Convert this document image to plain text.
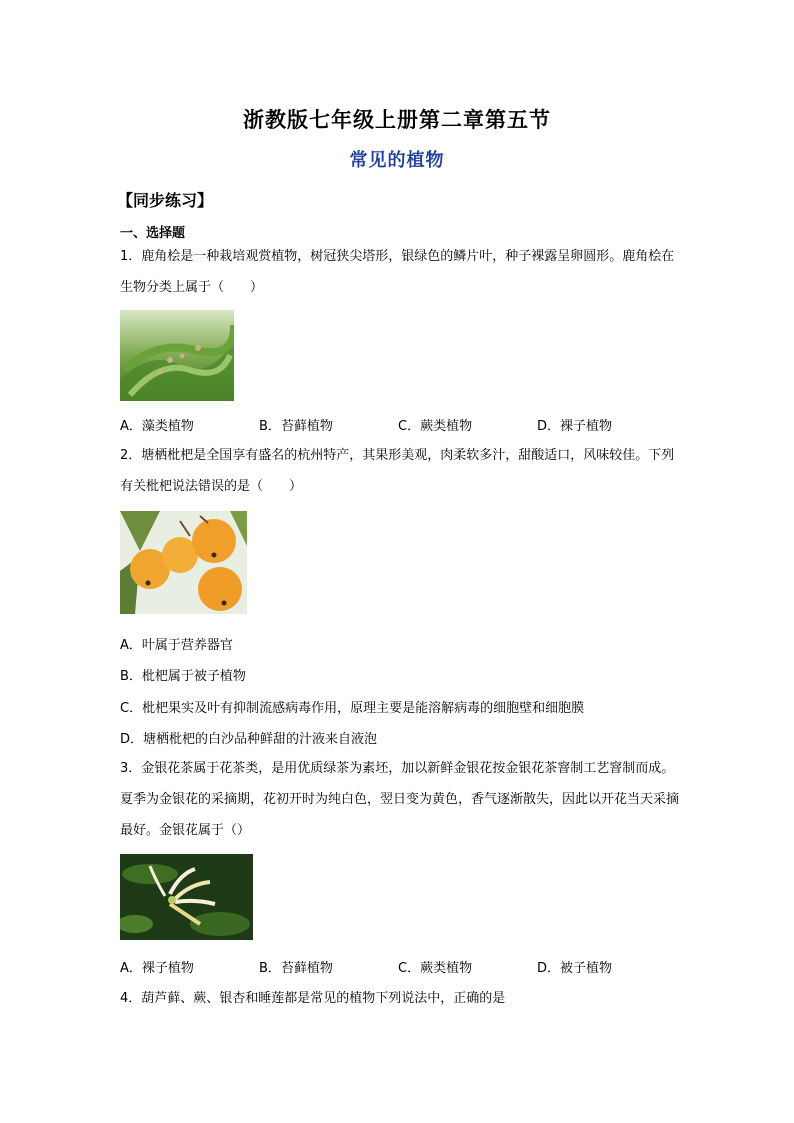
浙教版七年级上册第二章第五节
常见的植物
【同步练习】
一、选择题
1．鹿角桧是一种栽培观赏植物，树冠狭尖塔形，银绿色的鳞片叶，种子裸露呈卵圆形。鹿角桧在生物分类上属于（　　）
A．藻类植物	B．苔藓植物	C．蕨类植物	D．裸子植物
2．塘栖枇杷是全国享有盛名的杭州特产，其果形美观，肉柔软多汁，甜酸适口，风味较佳。下列有关枇杷说法错误的是（　　）
A．叶属于营养器官
B．枇杷属于被子植物
C．枇杷果实及叶有抑制流感病毒作用，原理主要是能溶解病毒的细胞壁和细胞膜
D．塘栖枇杷的白沙品种鲜甜的汁液来自液泡
3．金银花茶属于花茶类，是用优质绿茶为素坯，加以新鲜金银花按金银花茶窨制工艺窨制而成。夏季为金银花的采摘期，花初开时为纯白色，翌日变为黄色，香气逐渐散失，因此以开花当天采摘最好。金银花属于（）
A．裸子植物	B．苔藓植物	C．蕨类植物	D．被子植物
4．葫芦藓、蕨、银杏和睡莲都是常见的植物下列说法中，正确的是
